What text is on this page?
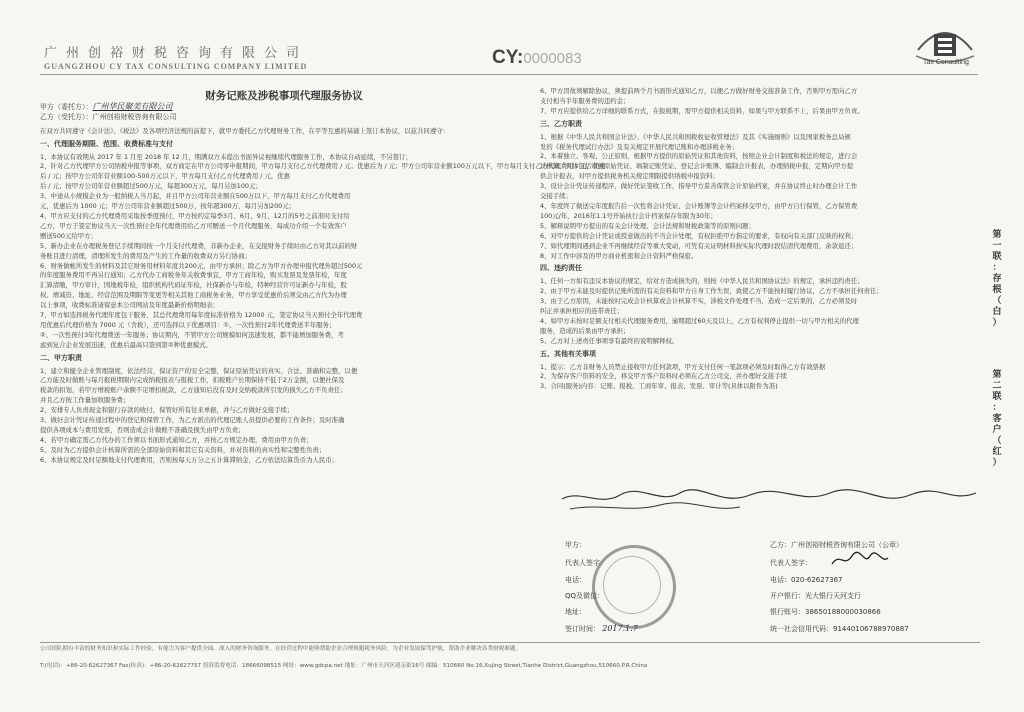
广州创裕财税咨询有限公司
GUANGZHOU CY TAX CONSULTING COMPANY LIMITED	CY:0000083	Tax Consulting

财务记账及涉税事项代理服务协议

甲方（委托方）：广州华民聚美有限公司

乙方（受托方）：广州创裕财税咨询有限公司

在双方共同遵守《会计法》、《税法》及各项经济法规的前提下，就甲方委托乙方代理财务工作，在平等互惠的基础上签订本协议，以兹共同遵守：

一、代理服务期限、范围、收费标准与支付

1、本协议有效期从 2017 年 1 月至 2018 年 12 月，期满双方未提出书面异议视继续代理服务工作，本协议自动延续，不另签订；

2、针对乙方代理甲方公司纳税申报等事项，双方商定在甲方公司零申报期间，甲方每月支付乙方代理费用 / 元；优惠后为 / 元；甲方公司年营业额100万元以下，甲方每月支付乙方代理费用 / 元，优惠

后 / 元；按甲方公司年营业额100-500万元以下，甲方每月支付乙方代理费用 / 元，优惠

后 / 元；按甲方公司年营业额超过500万元，每超300万元，每月另加100元；

3、中途从小规模企业为一般纳税人当月起，并且甲方公司年营业额在500万以下，甲方每月支付乙方代理费用

元，优惠后为 1000 元；甲方公司年营业额超过500万，按年超300万，每月另加200元；

4、甲方应支付的乙方代理费用采取按季度预付，甲方按约定每季3月、6月、9月、12月的5号之前准时支付给

乙方，甲方于签定协议当天一次性预付全年代理费用给乙方可赠送一个月代理服务，每成功介绍一个有效客户

赠送500元给甲方；

5、新办企业在办理税务登记手续期间按一个月支付代理费，非新办企业，在交接财务手续时由乙方对其以前的财

务账目进行清理，清理所发生的费用及产生的工作量的收费双方另行协商；

6、财务做帐所发生的材料及其它财务用材料年度共200元，由甲方承担；除乙方为甲方办理申报代理外超过500元

的年度服务费用不再另行通知；乙方代办工商税务年关收费事宜，甲方工商年检，购买发票及发票年检，年度

汇算清缴，甲方审计，国地税年检，组织机构代码证年检，社保新办与年检，特种经营许可证新办与年检，股

权、增减资、地址、经营范围及期限等变更等相关其他工商税务业务，甲方享受优惠价后须交由乙方代为办理

以上事项，收费标准请留意本公司网站及年度最新价格明细表；

7、甲方如选择税务代理年度包干服务，其总代理费用每年度标准价格为 12000 元，签定协议当天预付全年代理费

用优惠后代理价格为 7000 元（含税），还可选择以下优惠项目：①、一次性预付2年代理费送半年服务；

②、一次性预付3年代理费送一年服务；协议期内，不管甲方公司规模如何迅速发展，都不能增加服务费，考

虑到复合企业发展迅速，优惠后最高只签到第②种优惠模式。

二、甲方职责

1、建立和健全企业管理制度，依法经营，保证资产的安全完整，保证原始凭证的真实、合法、准确和完整，以便

乙方能及时做账与每月报税期限内完成纳税报表与报税工作，扣税账户长期保持不低于2万金额，以便社保及

税款的扣划，若甲方增税账户余额不足增扣税款，乙方通知后没有及时交纳税款所引发的损失乙方不负责任；

并且乙方按工作量加收服务费；

2、安排专人负责现金和银行存款的收付，保管好所有往来单据，并与乙方做好交接手续；

3、做好会计凭证传递过程中的登记和保管工作，为乙方派出的代理记账人员提供必要的工作条件；及时准确

提供各项成本与费用发票，否则造成会计做账不准确及损失由甲方负责；

4、若甲方确定需乙方代办的工作须以书面形式通知乙方，并按乙方规定办理，费用由甲方负责；

5、及时为乙方提供会计核算所需的全部原始资料和其它有关资料，并对资料的真实性和完整性负责；

6、本协议规定及时足额地支付代理费用，否则按每天万分之五计算滞纳金，乙方依法结算货币为人民币；

6、甲方因故须解除协议，须提前两个月书面形式通知乙方，以便乙方做好财务交接准备工作，否则甲方需向乙方

支付相当半年服务费的违约金；

7、甲方应提供给乙方详细的联系方式，在报税期，需甲方提供相关资料，如果与甲方联系不上，后果由甲方负责。

三、乙方职责

1、根据《中华人民共和国会计法》、《中华人民共和国税收征收管理法》及其《实施细则》以及国家税务总局颁

发的《税务代理试行办法》及有关规定开展代理记账和办理涉税业务；

2、本着独立、客观、公正原则，根据甲方提供的原始凭证和其他资料，按照企业会计制度和税法的规定，进行会

计核算，具体包括审核原始凭证、填制记账凭证、登记会计账簿、编制会计报表，办理纳税申报，定期向甲方提

供会计报表，对甲方提供税务机关规定期限提供纳税申报资料；

3、设计会计凭证传递程序，做好凭证签收工作，指导甲方妥善保管会计原始档案，并在协议终止时办理会计工作

交接手续；

4、年度终了做送完年度报告后一次性将会计凭证、会计账簿等会计档案移交甲方，由甲方自行保管，乙方保管费

100元/年，2016年1.1号开始执行会计档案保存年限为30年；

5、解释说明甲方提出的有关会计处理、会计法规和财税政策等的原则问题；

6、对甲方提供的会计凭证或授意做出的不当会计处理，有权拒绝甲方指定的要求，有权向有关部门反映的权利；

7、如代理期间遇到企业不再继续经营等重大变动，可凭有关证明材料按实际代理时段结清代理费用，余款退还；

8、对工作中涉及的甲方商业机密和会计资料严格保密。

四、违约责任

1、任何一方如有违反本协议的规定，给对方造成损失的，则按《中华人民共和国协议法》的规定，承担违约责任；

2、由于甲方未能及时提供记账所需的有关资料和甲方自身工作失误，致使乙方不能按时履行协议，乙方不承担任何责任；

3、由于乙方原因，未能按时完成会计核算或会计核算不实，涉税文件处理不当，造成一定后果的，乙方必须及时

纠正并承担相应的连带责任；

4、如甲方未按时足额支付相关代理服务费用，逾期超过60天及以上，乙方有权利停止提供一切与甲方相关的代理

服务，造成的后果由甲方承担；

5、乙方对上述责任事项享有最终的说明解释权。

五、其他有关事项

1、提示：乙方非财务人员禁止接收甲方任何款项，甲方支付任何一笔款项必须及时取得乙方有效票据

2、为保存客户资料的安全，移交甲方客户资料时必须在乙方公司交，并办理好交接手续

3、合同(服务)内容：记账、报税、工商年审、报表、发票、审计等(具体以附件为准)

甲方：
代表人签字：
电话：
QQ及微信：
地址：
签订时间： 2017.1.7
乙方：广州创裕财税咨询有限公司（公章）
代表人签字：
电话：020-62627367
开户银行：光大银行天河支行
银行账号：38650188000030866
统一社会信用代码：91440106788970887
第
一
联
：
存
根
（
白
）
第
二
联
：
客
户
（
红
）
公司团队拥有丰富的财务知识和实际工作经验，有能力为客户提供全面、深入的财务咨询服务，在经营过程中能够帮助企业合理规避税务风险，为企业发展保驾护航，帮助企业解决各类财税难题。
T:(电话)：+86-20-62627367 Fax(传真)：+86-20-62627757 投诉监督电话：18666098515 网址：www.gdcpa.net 地址：广州市天河区迎亲街16号 邮编：510660 No.16,Xujing Street,Tianhe District,Guangzhou,510660,P.R.China
